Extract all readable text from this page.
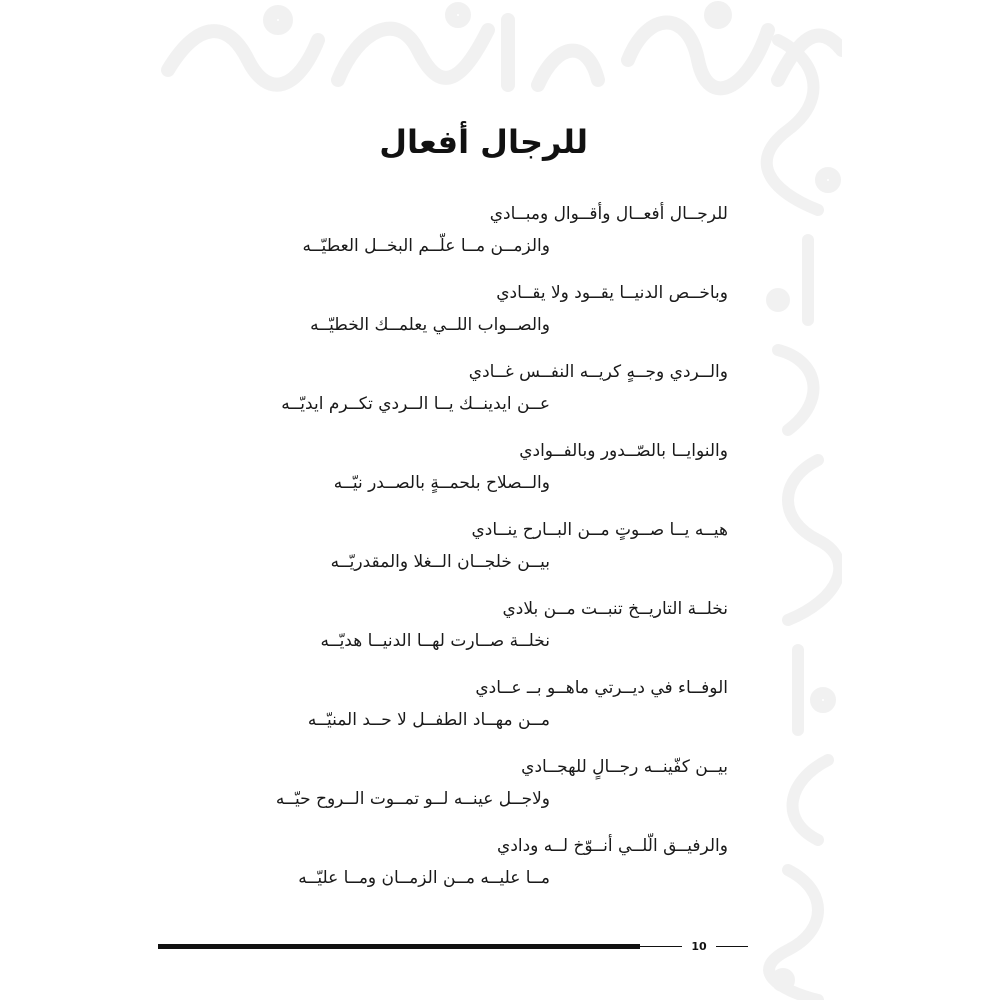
للرجال أفعال
للرجــال أفعــال وأقــوال ومبــادي
والزمــن مــا علّــم البخــل العطيّــه
وباخــص الدنيــا يقــود ولا يقــادي
والصــواب اللــي يعلمــك الخطيّــه
والــردي وجــهٍ كريــه النفــس غــادي
عــن ايدينــك يــا الــردي تكــرم ايديّــه
والنوايــا بالصّــدور وبالفــوادي
والــصلاح بلحمــةٍ بالصــدر نيّــه
هيــه يــا صــوتٍ مــن البــارح ينــادي
بيــن خلجــان الــغلا والمقدريّــه
نخلــة التاريــخ تنبــت مــن بلادي
نخلــة صــارت لهــا الدنيــا هديّــه
الوفــاء في ديــرتي ماهــو بــ عــادي
مــن مهــاد الطفــل لا حــد المنيّــه
بيــن كفّينــه رجــالٍ للهجــادي
ولاجــل عينــه لــو تمــوت الــروح حيّــه
والرفيــق الّلــي أنــوّخ لــه ودادي
مــا عليــه مــن الزمــان ومــا عليّــه
10
